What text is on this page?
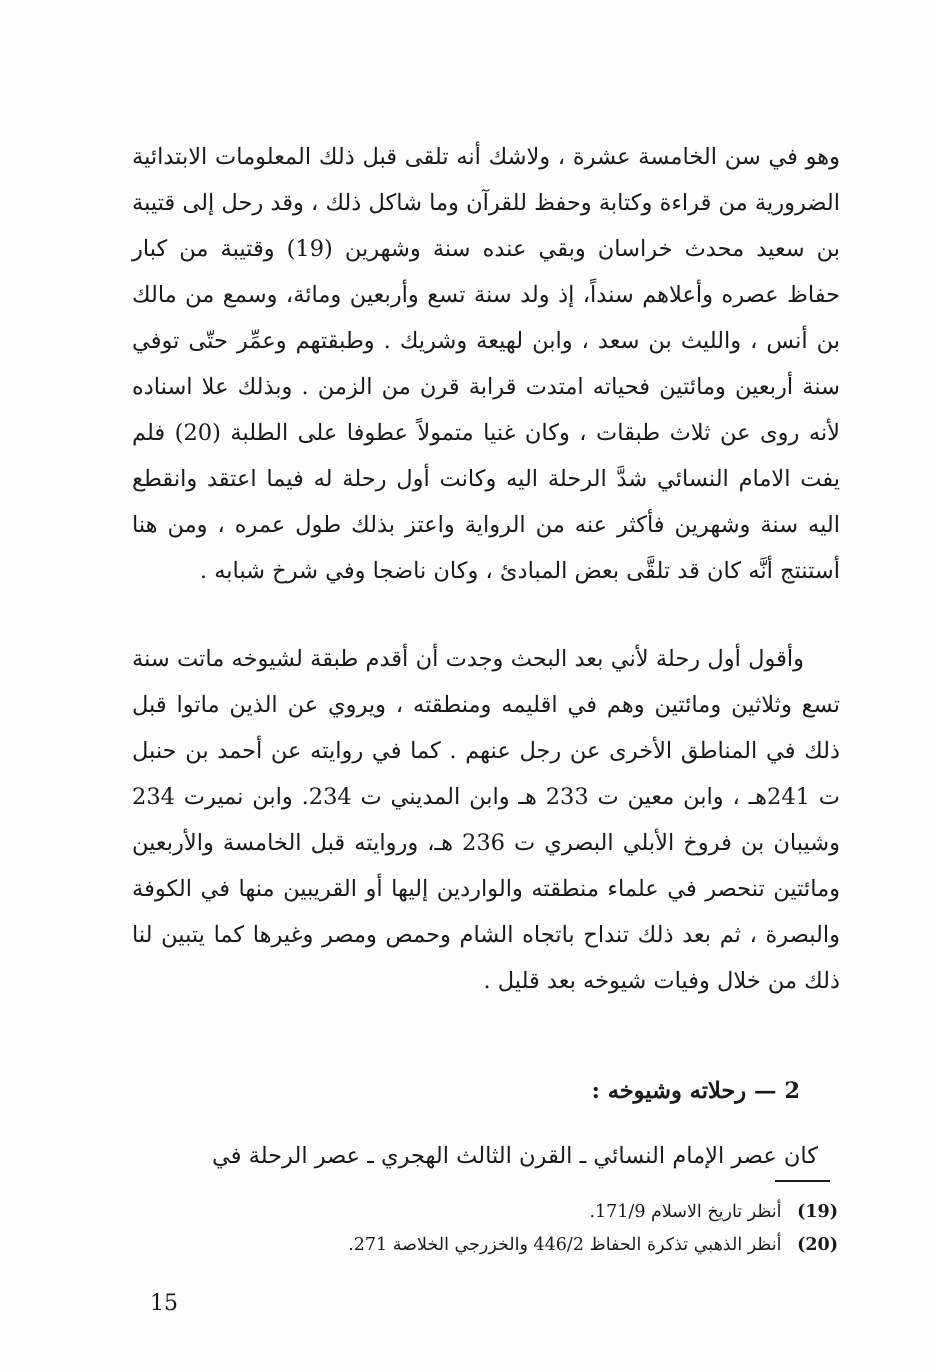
وهو في سن الخامسة عشرة ، ولاشك أنه تلقى قبل ذلك المعلومات الابتدائية الضرورية من قراءة وكتابة وحفظ للقرآن وما شاكل ذلك ، وقد رحل إلى قتيبة بن سعيد محدث خراسان وبقي عنده سنة وشهرين (19) وقتيبة من كبار حفاظ عصره وأعلاهم سنداً، إذ ولد سنة تسع وأربعين ومائة، وسمع من مالك بن أنس ، والليث بن سعد ، وابن لهيعة وشريك . وطبقتهم وعمِّر حتّى توفي سنة أربعين ومائتين فحياته امتدت قرابة قرن من الزمن . وبذلك علا اسناده لأنه روى عن ثلاث طبقات ، وكان غنيا متمولاً عطوفا على الطلبة (20) فلم يفت الامام النسائي شدَّ الرحلة اليه وكانت أول رحلة له فيما اعتقد وانقطع اليه سنة وشهرين فأكثر عنه من الرواية واعتز بذلك طول عمره ، ومن هنا أستنتج أنَّه كان قد تلقَّى بعض المبادئ ، وكان ناضجا وفي شرخ شبابه .

وأقول أول رحلة لأني بعد البحث وجدت أن أقدم طبقة لشيوخه ماتت سنة تسع وثلاثين ومائتين وهم في اقليمه ومنطقته ، ويروي عن الذين ماتوا قبل ذلك في المناطق الأخرى عن رجل عنهم . كما في روايته عن أحمد بن حنبل ت 241هـ ، وابن معين ت 233 هـ وابن المديني ت 234. وابن نميرت 234 وشيبان بن فروخ الأبلي البصري ت 236 هـ، وروايته قبل الخامسة والأربعين ومائتين تنحصر في علماء منطقته والواردين إليها أو القريبين منها في الكوفة والبصرة ، ثم بعد ذلك تنداح باتجاه الشام وحمص ومصر وغيرها كما يتبين لنا ذلك من خلال وفيات شيوخه بعد قليل .

2 — رحلاته وشيوخه :

كان عصر الإمام النسائي ـ القرن الثالث الهجري ـ عصر الرحلة في

(19) أنظر تاريخ الاسلام 171/9.

(20) أنظر الذهبي تذكرة الحفاظ 446/2 والخزرجي الخلاصة 271.

15
